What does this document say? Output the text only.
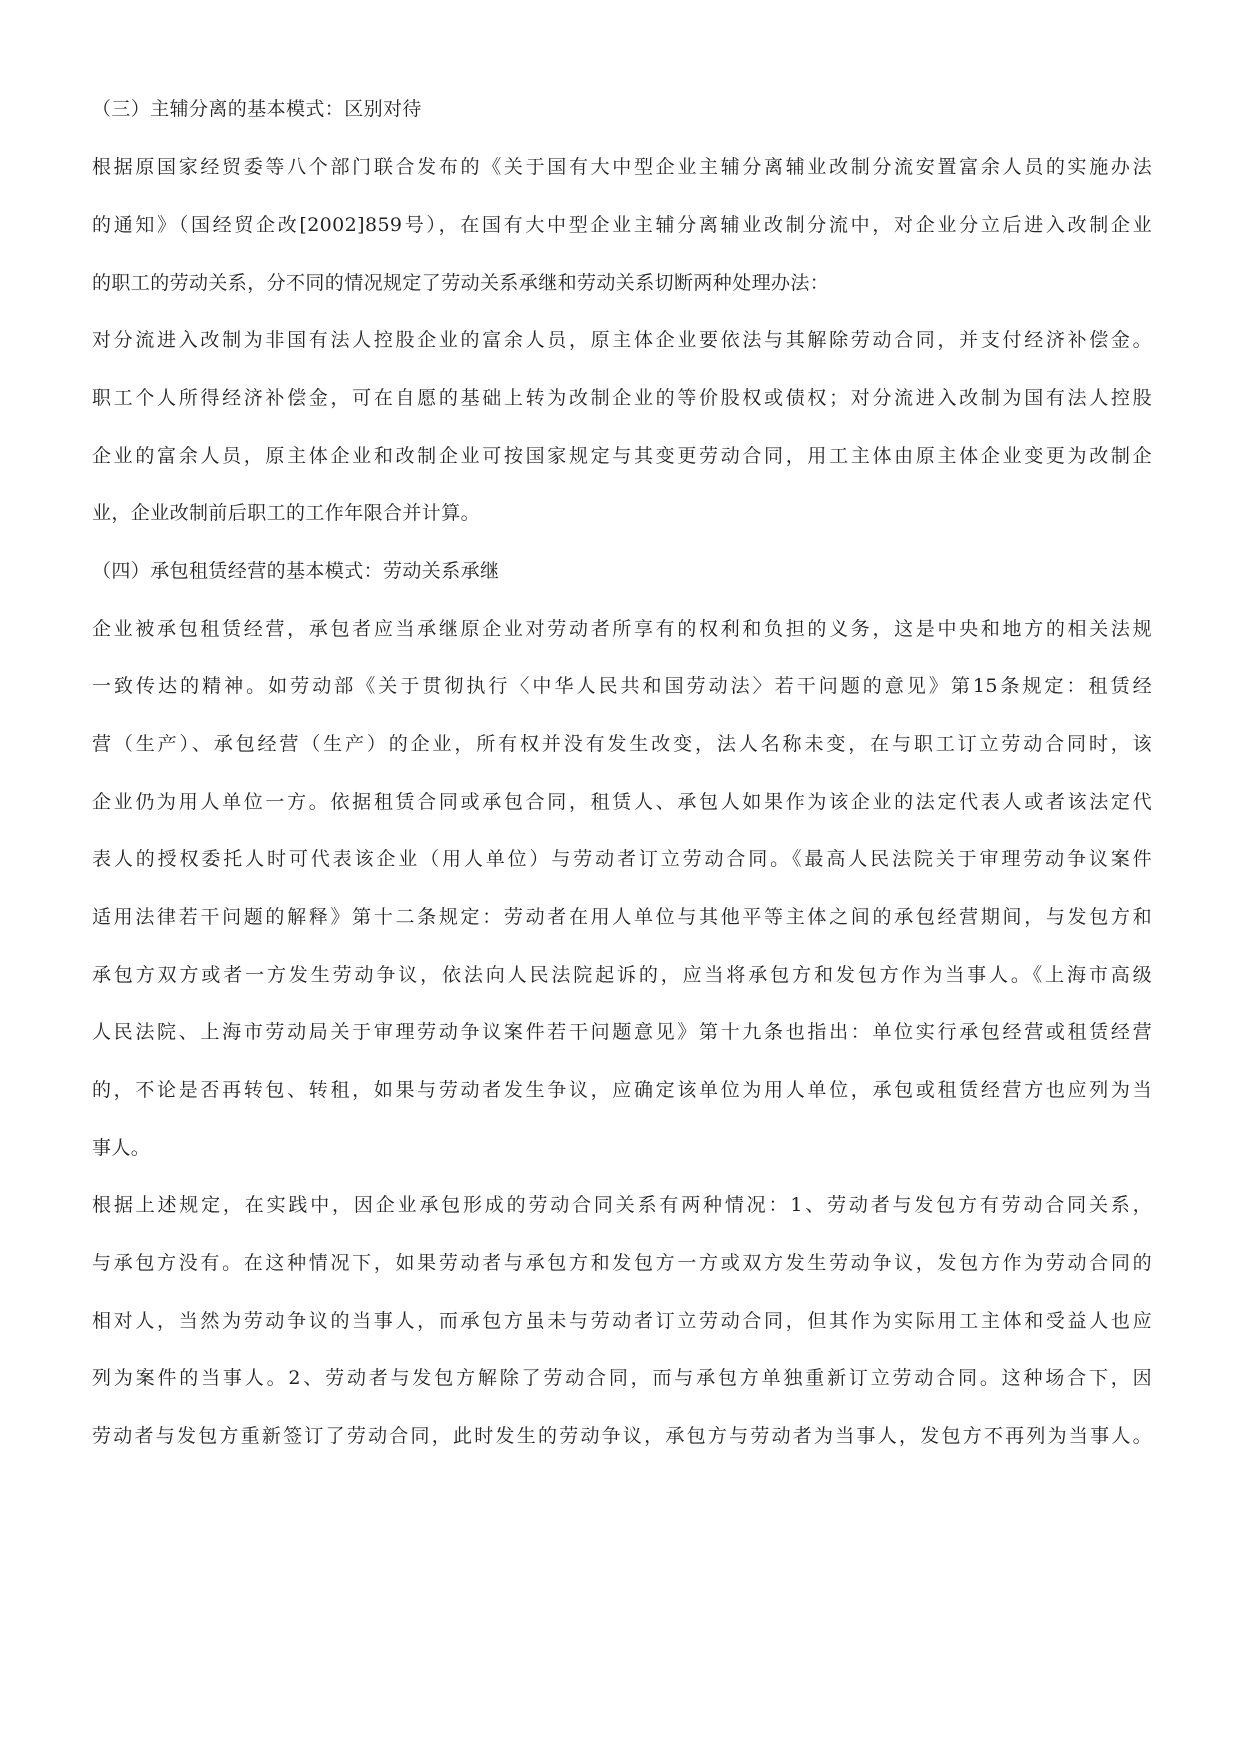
（三）主辅分离的基本模式：区别对待
根据原国家经贸委等八个部门联合发布的《关于国有大中型企业主辅分离辅业改制分流安置富余人员的实施办法
的通知》（国经贸企改[2002]859号），在国有大中型企业主辅分离辅业改制分流中，对企业分立后进入改制企业
的职工的劳动关系，分不同的情况规定了劳动关系承继和劳动关系切断两种处理办法：
对分流进入改制为非国有法人控股企业的富余人员，原主体企业要依法与其解除劳动合同，并支付经济补偿金。
职工个人所得经济补偿金，可在自愿的基础上转为改制企业的等价股权或债权；对分流进入改制为国有法人控股
企业的富余人员，原主体企业和改制企业可按国家规定与其变更劳动合同，用工主体由原主体企业变更为改制企
业，企业改制前后职工的工作年限合并计算。
（四）承包租赁经营的基本模式：劳动关系承继
企业被承包租赁经营，承包者应当承继原企业对劳动者所享有的权利和负担的义务，这是中央和地方的相关法规
一致传达的精神。如劳动部《关于贯彻执行〈中华人民共和国劳动法〉若干问题的意见》第15条规定：租赁经
营（生产）、承包经营（生产）的企业，所有权并没有发生改变，法人名称未变，在与职工订立劳动合同时，该
企业仍为用人单位一方。依据租赁合同或承包合同，租赁人、承包人如果作为该企业的法定代表人或者该法定代
表人的授权委托人时可代表该企业（用人单位）与劳动者订立劳动合同。《最高人民法院关于审理劳动争议案件
适用法律若干问题的解释》第十二条规定：劳动者在用人单位与其他平等主体之间的承包经营期间，与发包方和
承包方双方或者一方发生劳动争议，依法向人民法院起诉的，应当将承包方和发包方作为当事人。《上海市高级
人民法院、上海市劳动局关于审理劳动争议案件若干问题意见》第十九条也指出：单位实行承包经营或租赁经营
的，不论是否再转包、转租，如果与劳动者发生争议，应确定该单位为用人单位，承包或租赁经营方也应列为当
事人。
根据上述规定，在实践中，因企业承包形成的劳动合同关系有两种情况：1、劳动者与发包方有劳动合同关系，
与承包方没有。在这种情况下，如果劳动者与承包方和发包方一方或双方发生劳动争议，发包方作为劳动合同的
相对人，当然为劳动争议的当事人，而承包方虽未与劳动者订立劳动合同，但其作为实际用工主体和受益人也应
列为案件的当事人。2、劳动者与发包方解除了劳动合同，而与承包方单独重新订立劳动合同。这种场合下，因
劳动者与发包方重新签订了劳动合同，此时发生的劳动争议，承包方与劳动者为当事人，发包方不再列为当事人。
